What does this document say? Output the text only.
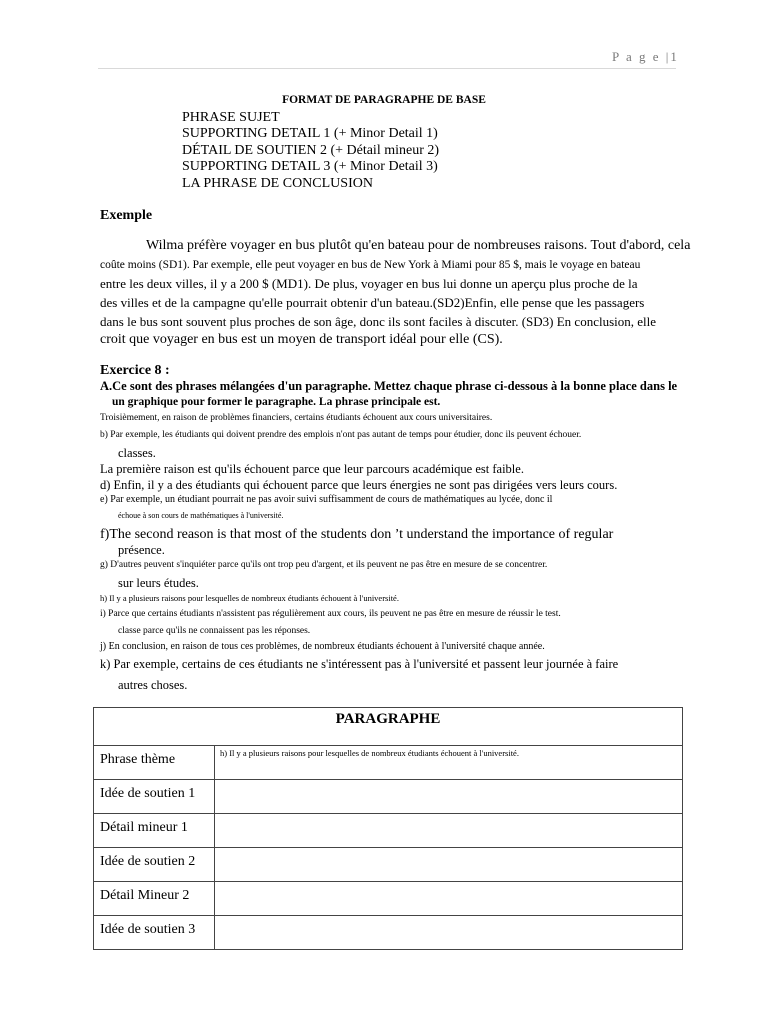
P a g e |1
FORMAT DE PARAGRAPHE DE BASE
PHRASE SUJET
SUPPORTING DETAIL 1 (+ Minor Detail 1)
DÉTAIL DE SOUTIEN 2 (+ Détail mineur 2)
SUPPORTING DETAIL 3 (+ Minor Detail 3)
LA PHRASE DE CONCLUSION
Exemple
Wilma préfère voyager en bus plutôt qu'en bateau pour de nombreuses raisons. Tout d'abord, cela
coûte moins (SD1). Par exemple, elle peut voyager en bus de New York à Miami pour 85 $, mais le voyage en bateau
entre les deux villes, il y a 200 $ (MD1). De plus, voyager en bus lui donne un aperçu plus proche de la
des villes et de la campagne qu'elle pourrait obtenir d'un bateau.(SD2)Enfin, elle pense que les passagers
dans le bus sont souvent plus proches de son âge, donc ils sont faciles à discuter. (SD3) En conclusion, elle
croit que voyager en bus est un moyen de transport idéal pour elle (CS).
Exercice 8 :
A.Ce sont des phrases mélangées d'un paragraphe. Mettez chaque phrase ci-dessous à la bonne place dans le
un graphique pour former le paragraphe. La phrase principale est.
Troisièmement, en raison de problèmes financiers, certains étudiants échouent aux cours universitaires.
b) Par exemple, les étudiants qui doivent prendre des emplois n'ont pas autant de temps pour étudier, donc ils peuvent échouer.
classes.
La première raison est qu'ils échouent parce que leur parcours académique est faible.
d) Enfin, il y a des étudiants qui échouent parce que leurs énergies ne sont pas dirigées vers leurs cours.
e) Par exemple, un étudiant pourrait ne pas avoir suivi suffisamment de cours de mathématiques au lycée, donc il
échoue à son cours de mathématiques à l'université.
f)The second reason is that most of the students don ’t understand the importance of regular
présence.
g) D'autres peuvent s'inquiéter parce qu'ils ont trop peu d'argent, et ils peuvent ne pas être en mesure de se concentrer.
sur leurs études.
h) Il y a plusieurs raisons pour lesquelles de nombreux étudiants échouent à l'université.
i) Parce que certains étudiants n'assistent pas régulièrement aux cours, ils peuvent ne pas être en mesure de réussir le test.
classe parce qu'ils ne connaissent pas les réponses.
j) En conclusion, en raison de tous ces problèmes, de nombreux étudiants échouent à l'université chaque année.
k) Par exemple, certains de ces étudiants ne s'intéressent pas à l'université et passent leur journée à faire
autres choses.
PARAGRAPHE	
Phrase thème	h) Il y a plusieurs raisons pour lesquelles de nombreux étudiants échouent à l'université.
Idée de soutien 1	
Détail mineur 1	
Idée de soutien 2	
Détail Mineur 2	
Idée de soutien 3	
